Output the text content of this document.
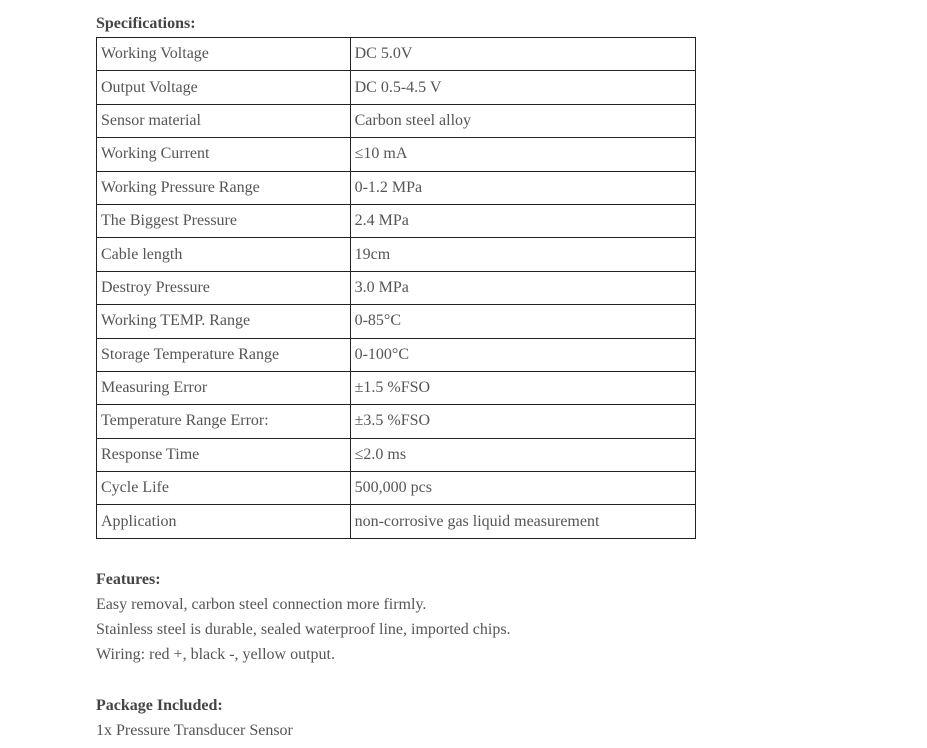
Specifications:
Working Voltage	DC 5.0V
Output Voltage	DC 0.5-4.5 V
Sensor material	Carbon steel alloy
Working Current	≤10 mA
Working Pressure Range	0-1.2 MPa
The Biggest Pressure	2.4 MPa
Cable length	19cm
Destroy Pressure	3.0 MPa
Working TEMP. Range	0-85°C
Storage Temperature Range	0-100°C
Measuring Error	±1.5 %FSO
Temperature Range Error:	±3.5 %FSO
Response Time	≤2.0 ms
Cycle Life	500,000 pcs
Application	non-corrosive gas liquid measurement
Features:
Easy removal, carbon steel connection more firmly.
Stainless steel is durable, sealed waterproof line, imported chips.
Wiring: red +, black -, yellow output.
Package Included:
1x Pressure Transducer Sensor
